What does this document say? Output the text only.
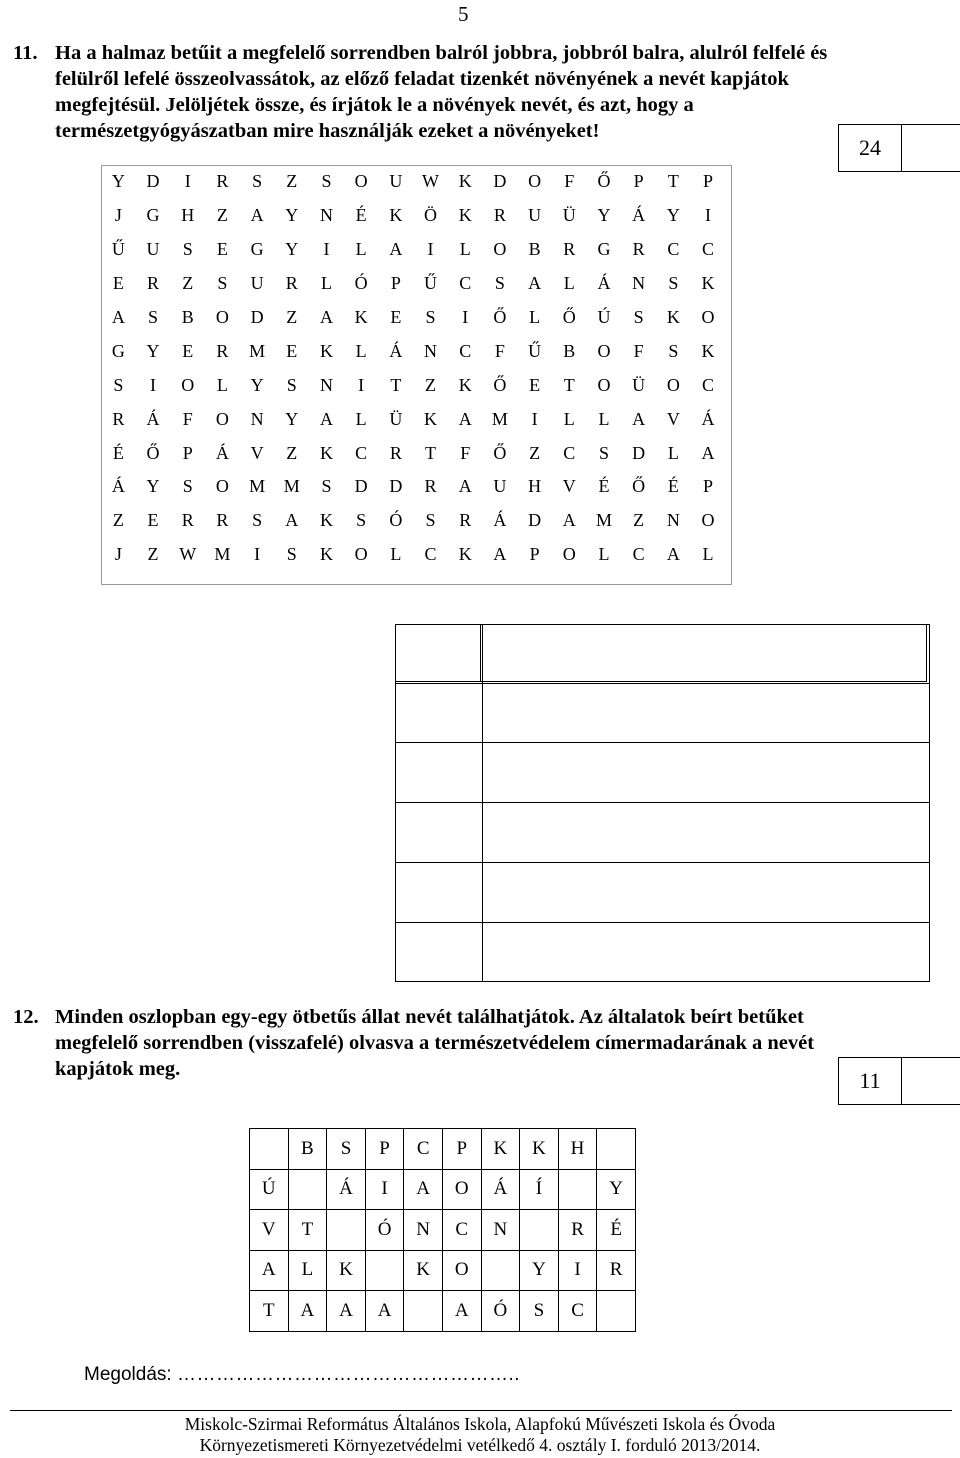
5
11. Ha a halmaz betűit a megfelelő sorrendben balról jobbra, jobbról balra, alulról felfelé és
felülről lefelé összeolvassátok, az előző feladat tizenkét növényének a nevét kapjátok
megfejtésül. Jelöljétek össze, és írjátok le a növények nevét, és azt, hogy a
természetgyógyászatban mire használják ezeket a növényeket!
24
Y	D	I	R	S	Z	S	O	U	W	K	D	O	F	Ő	P	T	P
J	G	H	Z	A	Y	N	É	K	Ö	K	R	U	Ü	Y	Á	Y	I
Ű	U	S	E	G	Y	I	L	A	I	L	O	B	R	G	R	C	C
E	R	Z	S	U	R	L	Ó	P	Ű	C	S	A	L	Á	N	S	K
A	S	B	O	D	Z	A	K	E	S	I	Ő	L	Ő	Ú	S	K	O
G	Y	E	R	M	E	K	L	Á	N	C	F	Ű	B	O	F	S	K
S	I	O	L	Y	S	N	I	T	Z	K	Ő	E	T	O	Ü	O	C
R	Á	F	O	N	Y	A	L	Ü	K	A	M	I	L	L	A	V	Á
É	Ő	P	Á	V	Z	K	C	R	T	F	Ő	Z	C	S	D	L	A
Á	Y	S	O	M	M	S	D	D	R	A	U	H	V	É	Ő	É	P
Z	E	R	R	S	A	K	S	Ó	S	R	Á	D	A	M	Z	N	O
J	Z	W	M	I	S	K	O	L	C	K	A	P	O	L	C	A	L

12. Minden oszlopban egy-egy ötbetűs állat nevét találhatjátok. Az általatok beírt betűket
megfelelő sorrendben (visszafelé) olvasva a természetvédelem címermadarának a nevét
kapjátok meg.	11
	B	S	P	C	P	K	K	H	
Ú		Á	I	A	O	Á	Í		Y
V	T		Ó	N	C	N		R	É
A	L	K		K	O		Y	I	R
T	A	A	A		A	Ó	S	C	
Megoldás: ……………………………………………..
Miskolc-Szirmai Református Általános Iskola, Alapfokú Művészeti Iskola és Óvoda
Környezetismereti Környezetvédelmi vetélkedő 4. osztály I. forduló 2013/2014.
